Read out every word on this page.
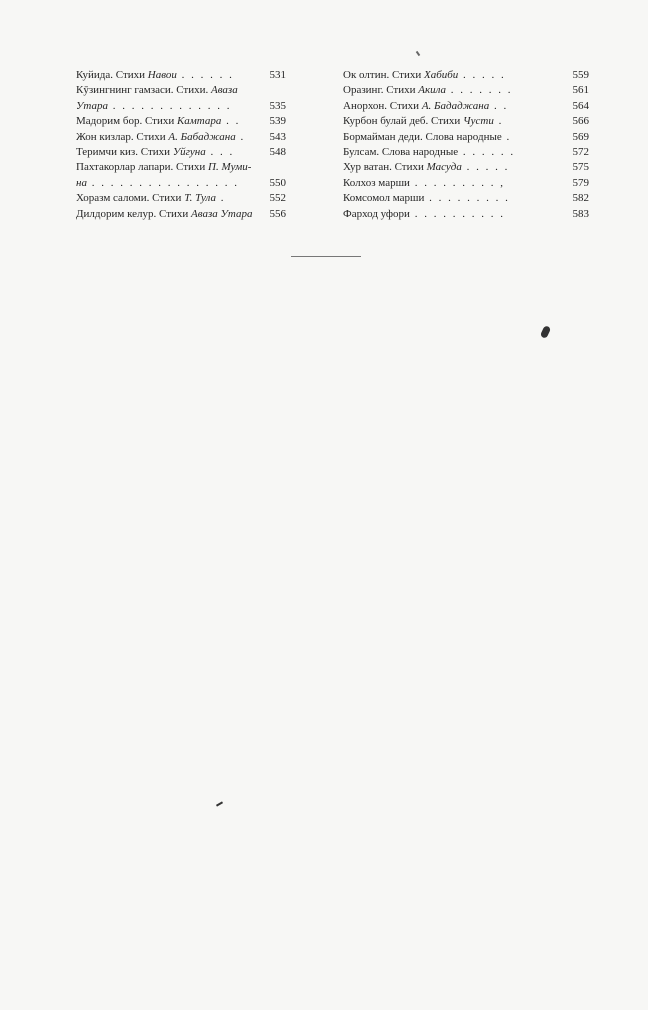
Куйида. Стихи Навои . . . . . .	531
Кӯзингнинг гамзаси. Стихи. Аваза
Утара . . . . . . . . . . . . .	535
Мадорим бор. Стихи Камтара . .	539
Жон кизлар. Стихи А. Бабаджана .	543
Теримчи киз. Стихи Уйгуна . . .	548
Пахтакорлар лапари. Стихи П. Муми-
на . . . . . . . . . . . . . . . .	550
Хоразм саломи. Стихи Т. Тула .	552
Дилдорим келур. Стихи Аваза Утара	556
Ок олтин. Стихи Хабиби . . . . .	559
Оразинг. Стихи Акила . . . . . . .	561
Анорхон. Стихи А. Бададжана . .	564
Курбон булай деб. Стихи Чусти .	566
Бормайман деди. Слова народные .	569
Булсам. Слова народные . . . . . .	572
Хур ватан. Стихи Масуда . . . . .	575
Колхоз марши . . . . . . . . . ,	579
Комсомол марши . . . . . . . . .	582
Фарход уфори . . . . . . . . . .	583
